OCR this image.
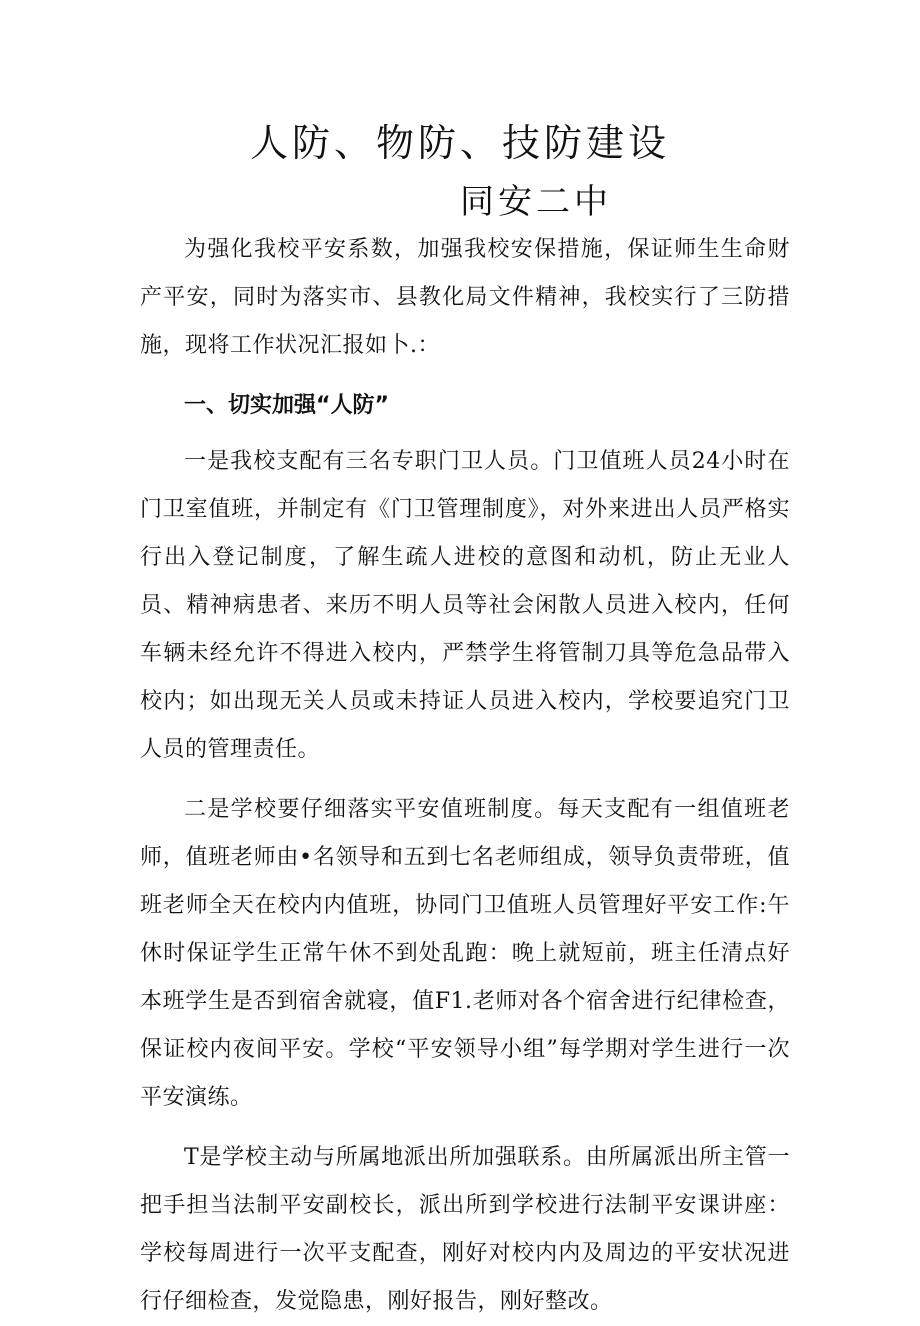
人防、物防、技防建设
同安二中

为强化我校平安系数，加强我校安保措施，保证师生生命财产平安，同时为落实市、县教化局文件精神，我校实行了三防措施，现将工作状况汇报如卜.：

一、切实加强“人防”

一是我校支配有三名专职门卫人员。门卫值班人员24小时在门卫室值班，并制定有《门卫管理制度》，对外来进出人员严格实行出入登记制度，了解生疏人进校的意图和动机，防止无业人员、精神病患者、来历不明人员等社会闲散人员进入校内，任何车辆未经允许不得进入校内，严禁学生将管制刀具等危急品带入校内；如出现无关人员或未持证人员进入校内，学校要追究门卫人员的管理责任。

二是学校要仔细落实平安值班制度。每天支配有一组值班老师，值班老师由•名领导和五到七名老师组成，领导负责带班，值班老师全天在校内内值班，协同门卫值班人员管理好平安工作:午休时保证学生正常午休不到处乱跑：晚上就短前，班主任清点好本班学生是否到宿舍就寝，值F1.老师对各个宿舍进行纪律检查，保证校内夜间平安。学校“平安领导小组”每学期对学生进行一次平安演练。

T是学校主动与所属地派出所加强联系。由所属派出所主管一把手担当法制平安副校长，派出所到学校进行法制平安课讲座：学校每周进行一次平支配查，刚好对校内内及周边的平安状况进行仔细检查，发觉隐患，刚好报告，刚好整改。
